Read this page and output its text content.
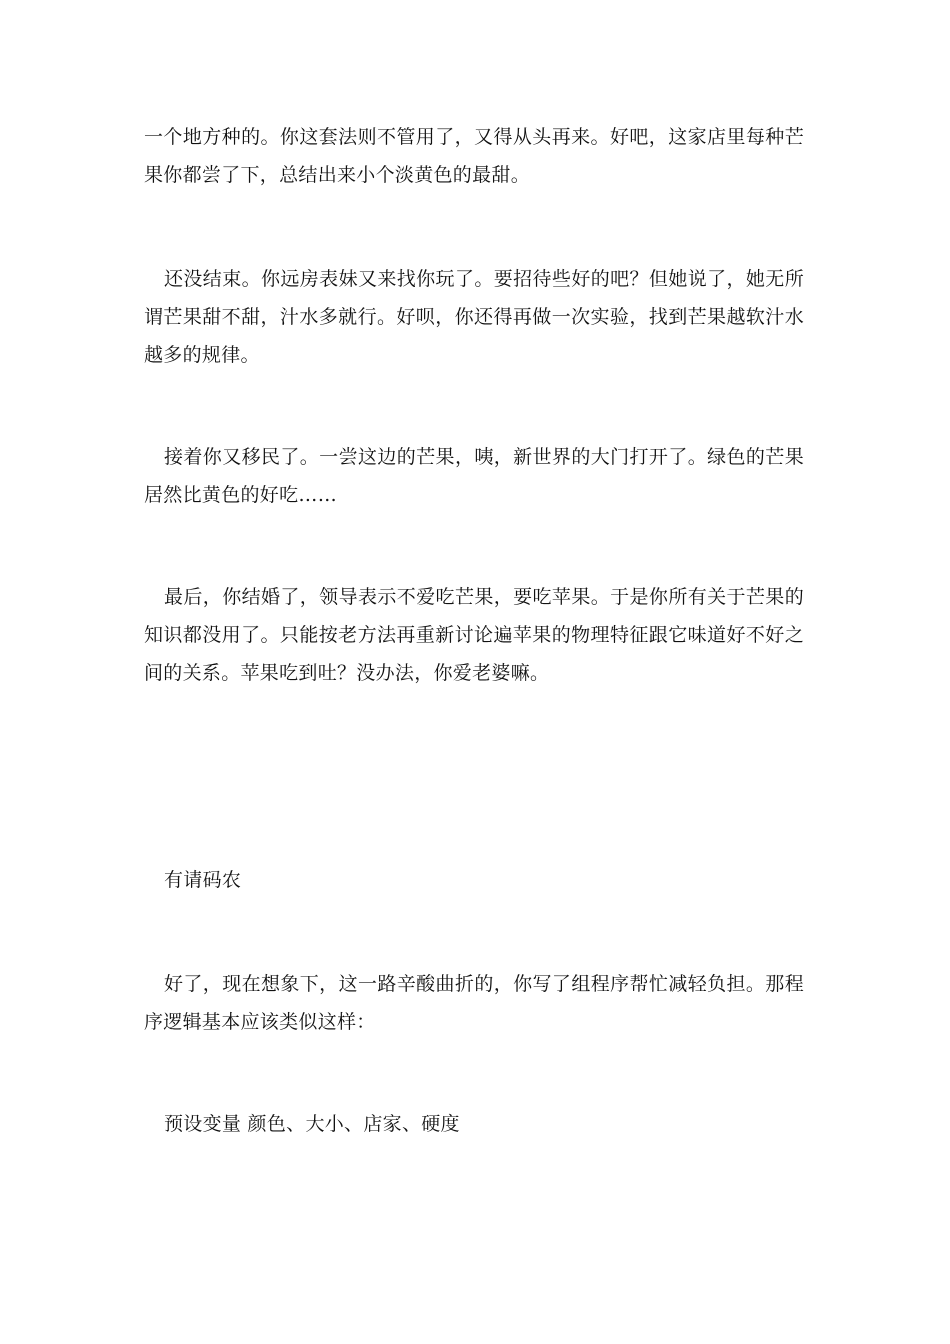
一个地方种的。你这套法则不管用了，又得从头再来。好吧，这家店里每种芒果你都尝了下，总结出来小个淡黄色的最甜。

还没结束。你远房表妹又来找你玩了。要招待些好的吧？但她说了，她无所谓芒果甜不甜，汁水多就行。好呗，你还得再做一次实验，找到芒果越软汁水越多的规律。

接着你又移民了。一尝这边的芒果，咦，新世界的大门打开了。绿色的芒果居然比黄色的好吃……

最后，你结婚了，领导表示不爱吃芒果，要吃苹果。于是你所有关于芒果的知识都没用了。只能按老方法再重新讨论遍苹果的物理特征跟它味道好不好之间的关系。苹果吃到吐？没办法，你爱老婆嘛。

有请码农

好了，现在想象下，这一路辛酸曲折的，你写了组程序帮忙减轻负担。那程序逻辑基本应该类似这样：

预设变量 颜色、大小、店家、硬度
